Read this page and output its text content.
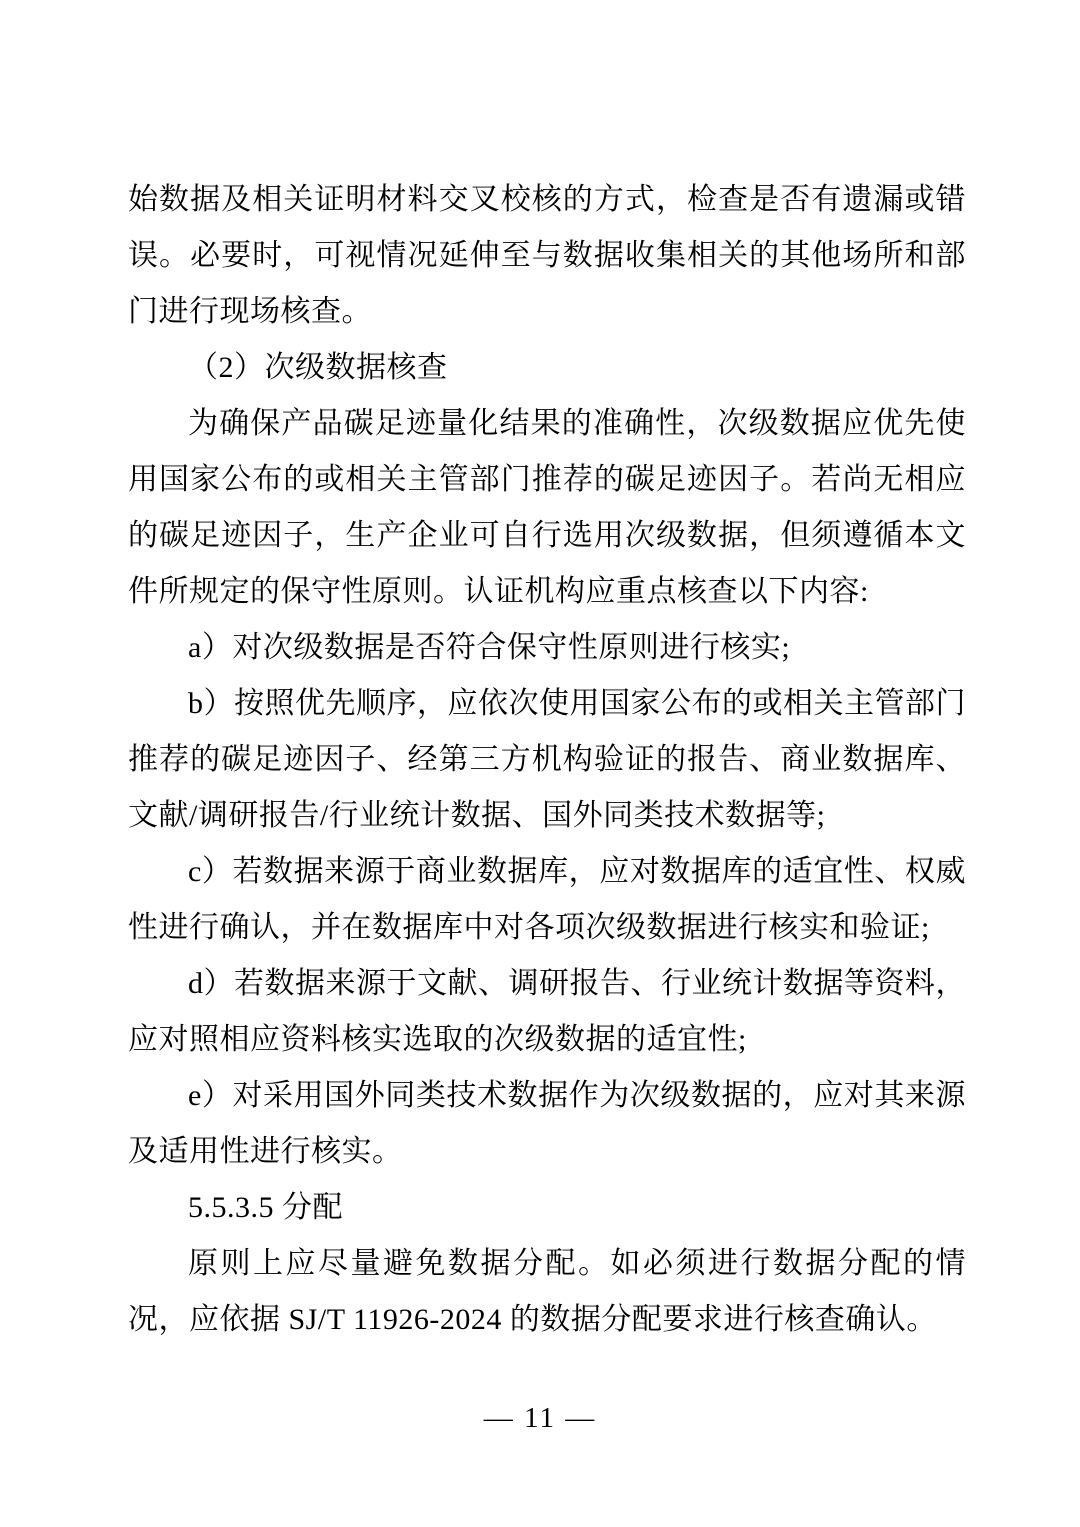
始数据及相关证明材料交叉校核的方式，检查是否有遗漏或错误。必要时，可视情况延伸至与数据收集相关的其他场所和部门进行现场核查。

（2）次级数据核查

为确保产品碳足迹量化结果的准确性，次级数据应优先使用国家公布的或相关主管部门推荐的碳足迹因子。若尚无相应的碳足迹因子，生产企业可自行选用次级数据，但须遵循本文件所规定的保守性原则。认证机构应重点核查以下内容:

a）对次级数据是否符合保守性原则进行核实;

b）按照优先顺序，应依次使用国家公布的或相关主管部门推荐的碳足迹因子、经第三方机构验证的报告、商业数据库、文献/调研报告/行业统计数据、国外同类技术数据等;

c）若数据来源于商业数据库，应对数据库的适宜性、权威性进行确认，并在数据库中对各项次级数据进行核实和验证;

d）若数据来源于文献、调研报告、行业统计数据等资料，应对照相应资料核实选取的次级数据的适宜性;

e）对采用国外同类技术数据作为次级数据的，应对其来源及适用性进行核实。

5.5.3.5 分配

原则上应尽量避免数据分配。如必须进行数据分配的情况，应依据 SJ/T 11926-2024 的数据分配要求进行核查确认。

— 11 —
